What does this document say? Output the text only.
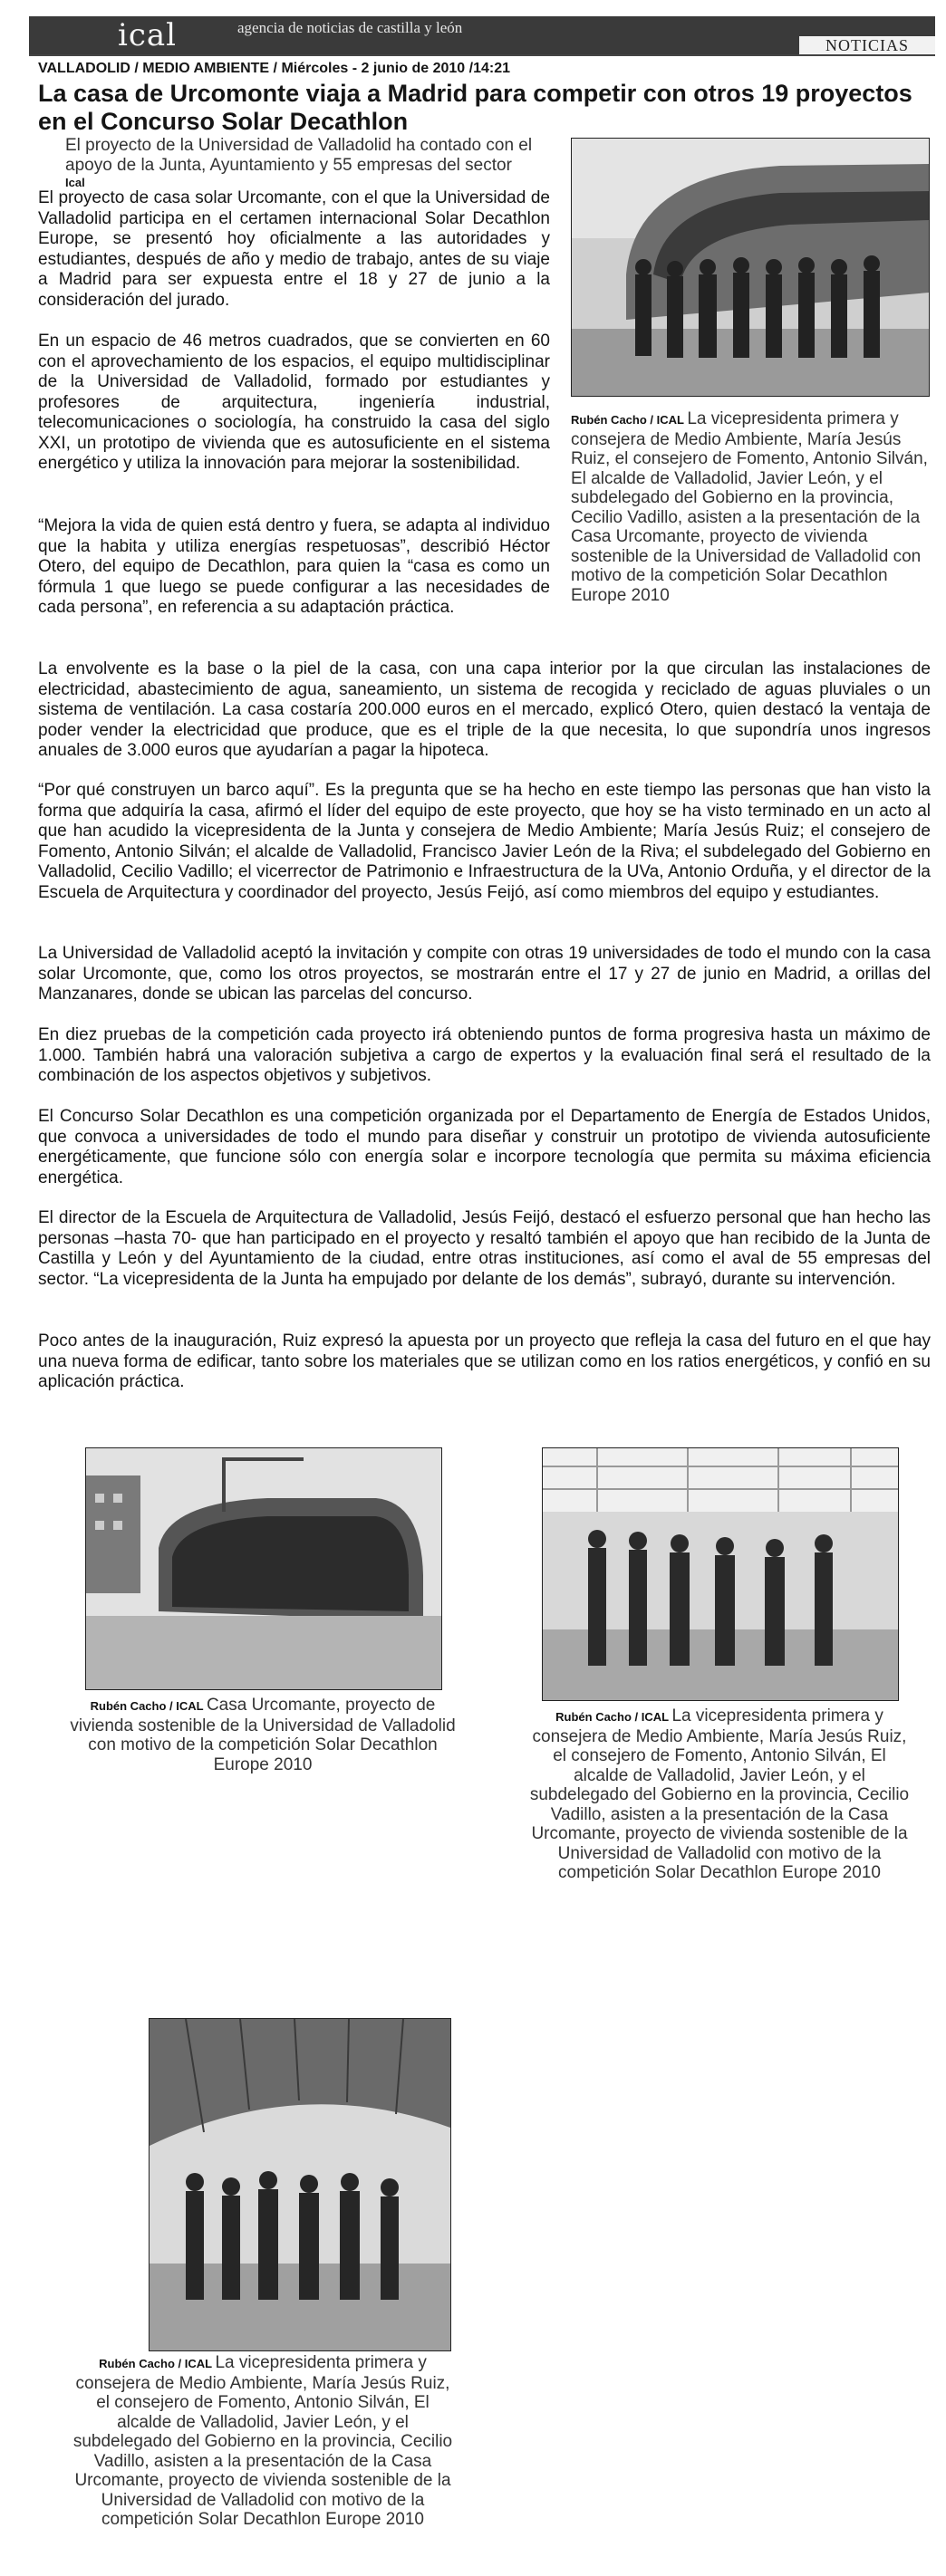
ical	agencia de noticias de castilla y león
NOTICIAS
VALLADOLID / MEDIO AMBIENTE / Miércoles - 2 junio de 2010 /14:21
La casa de Urcomonte viaja a Madrid para competir con otros 19 proyectos en el Concurso Solar Decathlon
El proyecto de la Universidad de Valladolid ha contado con el apoyo de la Junta, Ayuntamiento y 55 empresas del sector
Ical

El proyecto de casa solar Urcomante, con el que la Universidad de Valladolid participa en el certamen internacional Solar Decathlon Europe, se presentó hoy oficialmente a las autoridades y estudiantes, después de año y medio de trabajo, antes de su viaje a Madrid para ser expuesta entre el 18 y 27 de junio a la consideración del jurado.

En un espacio de 46 metros cuadrados, que se convierten en 60 con el aprovechamiento de los espacios, el equipo multidisciplinar de la Universidad de Valladolid, formado por estudiantes y profesores de arquitectura, ingeniería industrial, telecomunicaciones o sociología, ha construido la casa del siglo XXI, un prototipo de vivienda que es autosuficiente en el sistema energético y utiliza la innovación para mejorar la sostenibilidad.

“Mejora la vida de quien está dentro y fuera, se adapta al individuo que la habita y utiliza energías respetuosas”, describió Héctor Otero, del equipo de Decathlon, para quien la “casa es como un fórmula 1 que luego se puede configurar a las necesidades de cada persona”, en referencia a su adaptación práctica.

La envolvente es la base o la piel de la casa, con una capa interior por la que circulan las instalaciones de electricidad, abastecimiento de agua, saneamiento, un sistema de recogida y reciclado de aguas pluviales o un sistema de ventilación. La casa costaría 200.000 euros en el mercado, explicó Otero, quien destacó la ventaja de poder vender la electricidad que produce, que es el triple de la que necesita, lo que supondría unos ingresos anuales de 3.000 euros que ayudarían a pagar la hipoteca.

“Por qué construyen un barco aquí”. Es la pregunta que se ha hecho en este tiempo las personas que han visto la forma que adquiría la casa, afirmó el líder del equipo de este proyecto, que hoy se ha visto terminado en un acto al que han acudido la vicepresidenta de la Junta y consejera de Medio Ambiente; María Jesús Ruiz; el consejero de Fomento, Antonio Silván; el alcalde de Valladolid, Francisco Javier León de la Riva; el subdelegado del Gobierno en Valladolid, Cecilio Vadillo; el vicerrector de Patrimonio e Infraestructura de la UVa, Antonio Orduña, y el director de la Escuela de Arquitectura y coordinador del proyecto, Jesús Feijó, así como miembros del equipo y estudiantes.

La Universidad de Valladolid aceptó la invitación y compite con otras 19 universidades de todo el mundo con la casa solar Urcomonte, que, como los otros proyectos, se mostrarán entre el 17 y 27 de junio en Madrid, a orillas del Manzanares, donde se ubican las parcelas del concurso.

En diez pruebas de la competición cada proyecto irá obteniendo puntos de forma progresiva hasta un máximo de 1.000. También habrá una valoración subjetiva a cargo de expertos y la evaluación final será el resultado de la combinación de los aspectos objetivos y subjetivos.

El Concurso Solar Decathlon es una competición organizada por el Departamento de Energía de Estados Unidos, que convoca a universidades de todo el mundo para diseñar y construir un prototipo de vivienda autosuficiente energéticamente, que funcione sólo con energía solar e incorpore tecnología que permita su máxima eficiencia energética.

El director de la Escuela de Arquitectura de Valladolid, Jesús Feijó, destacó el esfuerzo personal que han hecho las personas –hasta 70- que han participado en el proyecto y resaltó también el apoyo que han recibido de la Junta de Castilla y León y del Ayuntamiento de la ciudad, entre otras instituciones, así como el aval de 55 empresas del sector. “La vicepresidenta de la Junta ha empujado por delante de los demás”, subrayó, durante su intervención.

Poco antes de la inauguración, Ruiz expresó la apuesta por un proyecto que refleja la casa del futuro en el que hay una nueva forma de edificar, tanto sobre los materiales que se utilizan como en los ratios energéticos, y confió en su aplicación práctica.

Rubén Cacho / ICAL La vicepresidenta primera y consejera de Medio Ambiente, María Jesús Ruiz, el consejero de Fomento, Antonio Silván, El alcalde de Valladolid, Javier León, y el subdelegado del Gobierno en la provincia, Cecilio Vadillo, asisten a la presentación de la Casa Urcomante, proyecto de vivienda sostenible de la Universidad de Valladolid con motivo de la competición Solar Decathlon Europe 2010
Rubén Cacho / ICAL Casa Urcomante, proyecto de vivienda sostenible de la Universidad de Valladolid con motivo de la competición Solar Decathlon Europe 2010
Rubén Cacho / ICAL La vicepresidenta primera y consejera de Medio Ambiente, María Jesús Ruiz, el consejero de Fomento, Antonio Silván, El alcalde de Valladolid, Javier León, y el subdelegado del Gobierno en la provincia, Cecilio Vadillo, asisten a la presentación de la Casa Urcomante, proyecto de vivienda sostenible de la Universidad de Valladolid con motivo de la competición Solar Decathlon Europe 2010
Rubén Cacho / ICAL La vicepresidenta primera y consejera de Medio Ambiente, María Jesús Ruiz, el consejero de Fomento, Antonio Silván, El alcalde de Valladolid, Javier León, y el subdelegado del Gobierno en la provincia, Cecilio Vadillo, asisten a la presentación de la Casa Urcomante, proyecto de vivienda sostenible de la Universidad de Valladolid con motivo de la competición Solar Decathlon Europe 2010
